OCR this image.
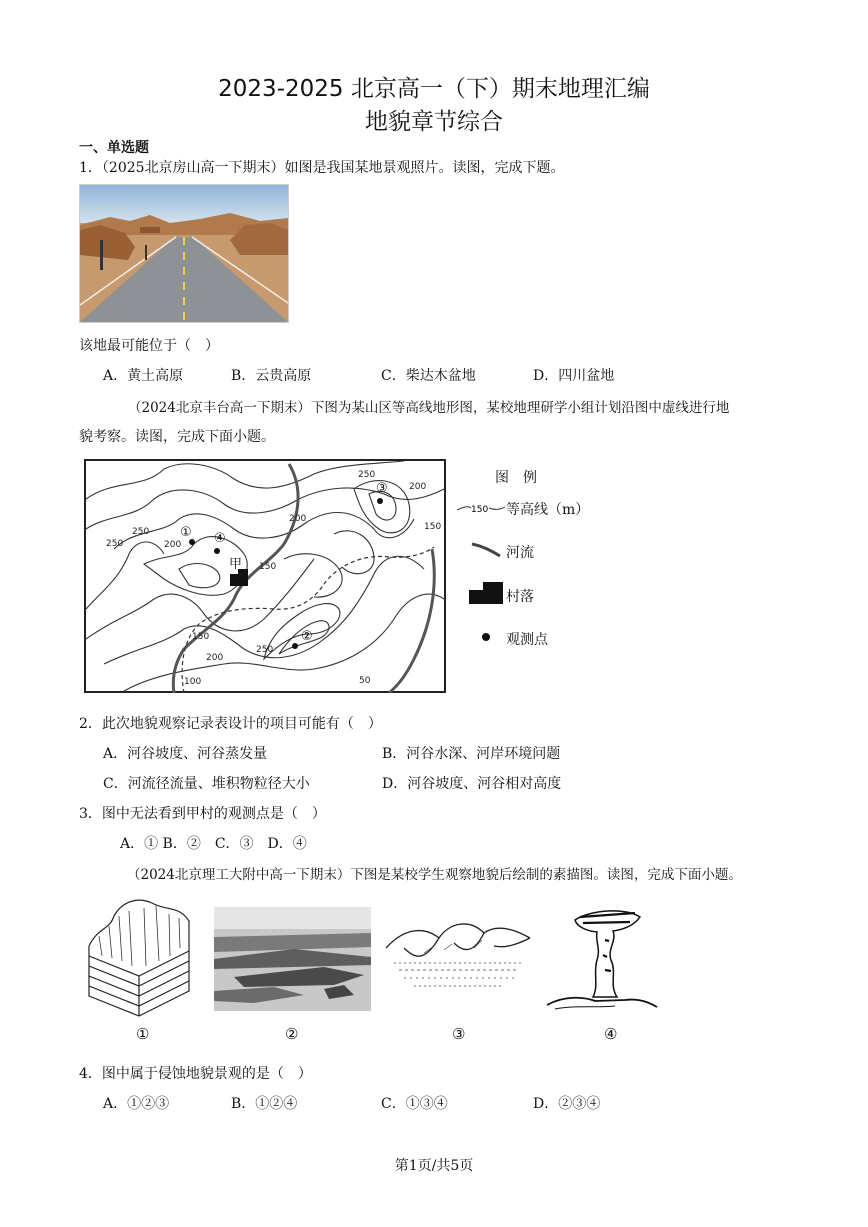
2023-2025 北京高一（下）期末地理汇编
地貌章节综合
一、单选题
1．（2025北京房山高一下期末）如图是我国某地景观照片。读图，完成下题。
该地最可能位于（　）
A．黄土高原	B．云贵高原	C．柴达木盆地	D．四川盆地
（2024北京丰台高一下期末）下图为某山区等高线地形图，某校地理研学小组计划沿图中虚线进行地
貌考察。读图，完成下面小题。
① ④
③
②
甲
250
200
200
150
250
200
150
250
200
150
250
100	50
图　例
150 等高线（m）
河流
村落
观测点
2．此次地貌观察记录表设计的项目可能有（　）
A．河谷坡度、河谷蒸发量	B．河谷水深、河岸环境问题
C．河流径流量、堆积物粒径大小	D．河谷坡度、河谷相对高度
3．图中无法看到甲村的观测点是（　）
A．① B．②　C．③　D．④
（2024北京理工大附中高一下期末）下图是某校学生观察地貌后绘制的素描图。读图，完成下面小题。
①	②	③	④
4．图中属于侵蚀地貌景观的是（　）
A．①②③	B．①②④	C．①③④	D．②③④
第1页/共5页
